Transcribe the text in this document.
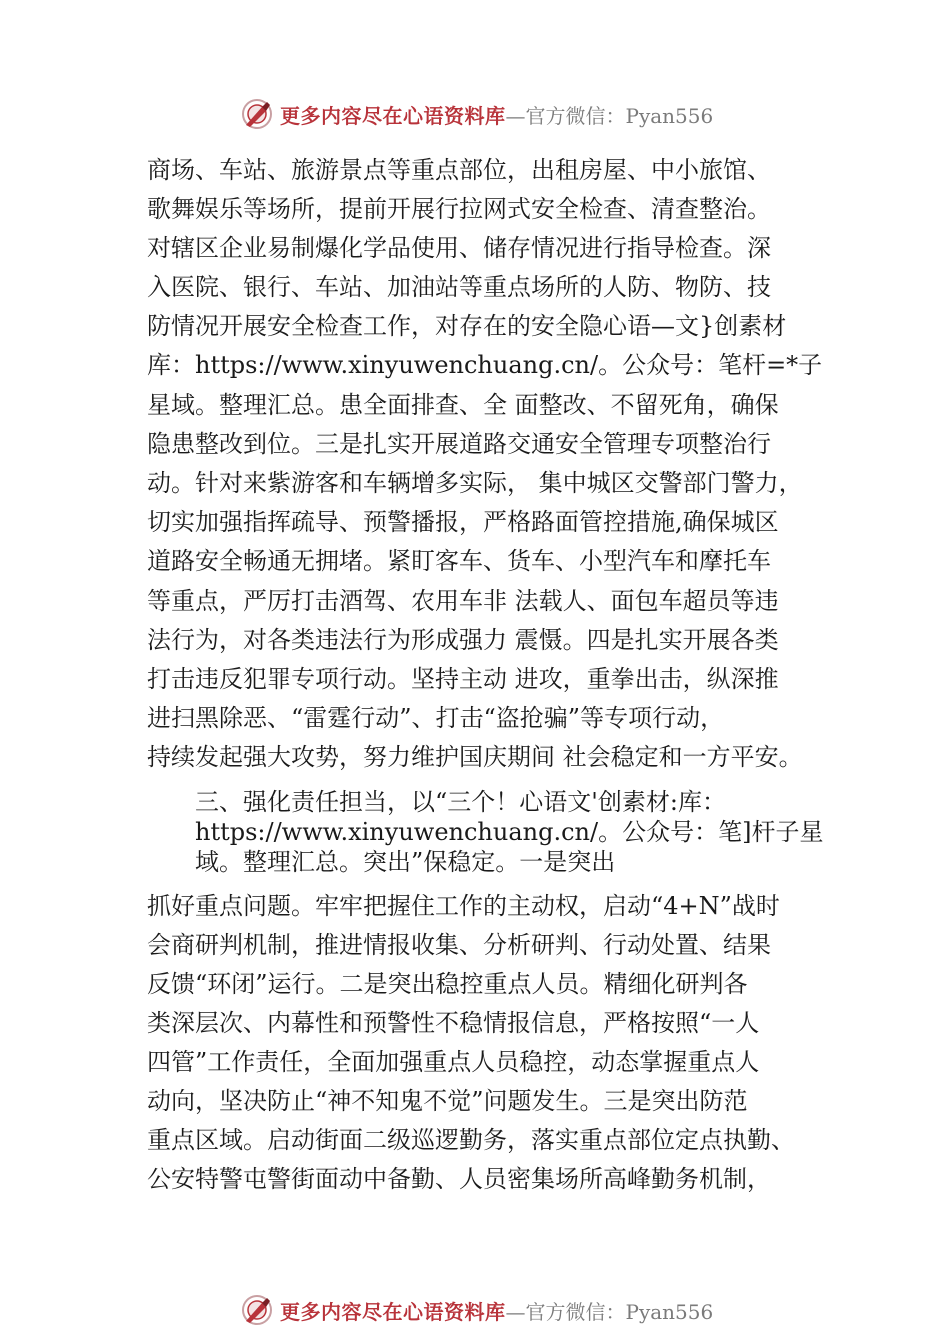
更多内容尽在心语资料库 —官方微信：Pyan556
商场、车站、旅游景点等重点部位，出租房屋、中小旅馆、
歌舞娱乐等场所，提前开展行拉网式安全检查、清查整治。
对辖区企业易制爆化学品使用、储存情况进行指导检查。深
入医院、银行、车站、加油站等重点场所的人防、物防、技
防情况开展安全检查工作，对存在的安全隐心语—文}创素材
库：https://www.xinyuwenchuang.cn/。公众号：笔杆=*子
星域。整理汇总。患全面排查、全 面整改、不留死角，确保
隐患整改到位。三是扎实开展道路交通安全管理专项整治行
动。针对来紫游客和车辆增多实际， 集中城区交警部门警力，
切实加强指挥疏导、预警播报，严格路面管控措施,确保城区
道路安全畅通无拥堵。紧盯客车、货车、小型汽车和摩托车
等重点，严厉打击酒驾、农用车非 法载人、面包车超员等违
法行为，对各类违法行为形成强力 震慑。四是扎实开展各类
打击违反犯罪专项行动。坚持主动 进攻，重拳出击，纵深推
进扫黑除恶、“雷霆行动”、打击“盗抢骗”等专项行动，
持续发起强大攻势，努力维护国庆期间 社会稳定和一方平安。
三、强化责任担当，以“三个！心语文'创素材:库：
https://www.xinyuwenchuang.cn/。公众号：笔]杆子星
域。整理汇总。突出”保稳定。一是突出
抓好重点问题。牢牢把握住工作的主动权，启动“4+N”战时
会商研判机制，推进情报收集、分析研判、行动处置、结果
反馈“环闭”运行。二是突出稳控重点人员。精细化研判各
类深层次、内幕性和预警性不稳情报信息，严格按照“一人
四管”工作责任，全面加强重点人员稳控，动态掌握重点人
动向，坚决防止“神不知鬼不觉”问题发生。三是突出防范
重点区域。启动街面二级巡逻勤务，落实重点部位定点执勤、
公安特警屯警街面动中备勤、人员密集场所高峰勤务机制，
更多内容尽在心语资料库 —官方微信：Pyan556
